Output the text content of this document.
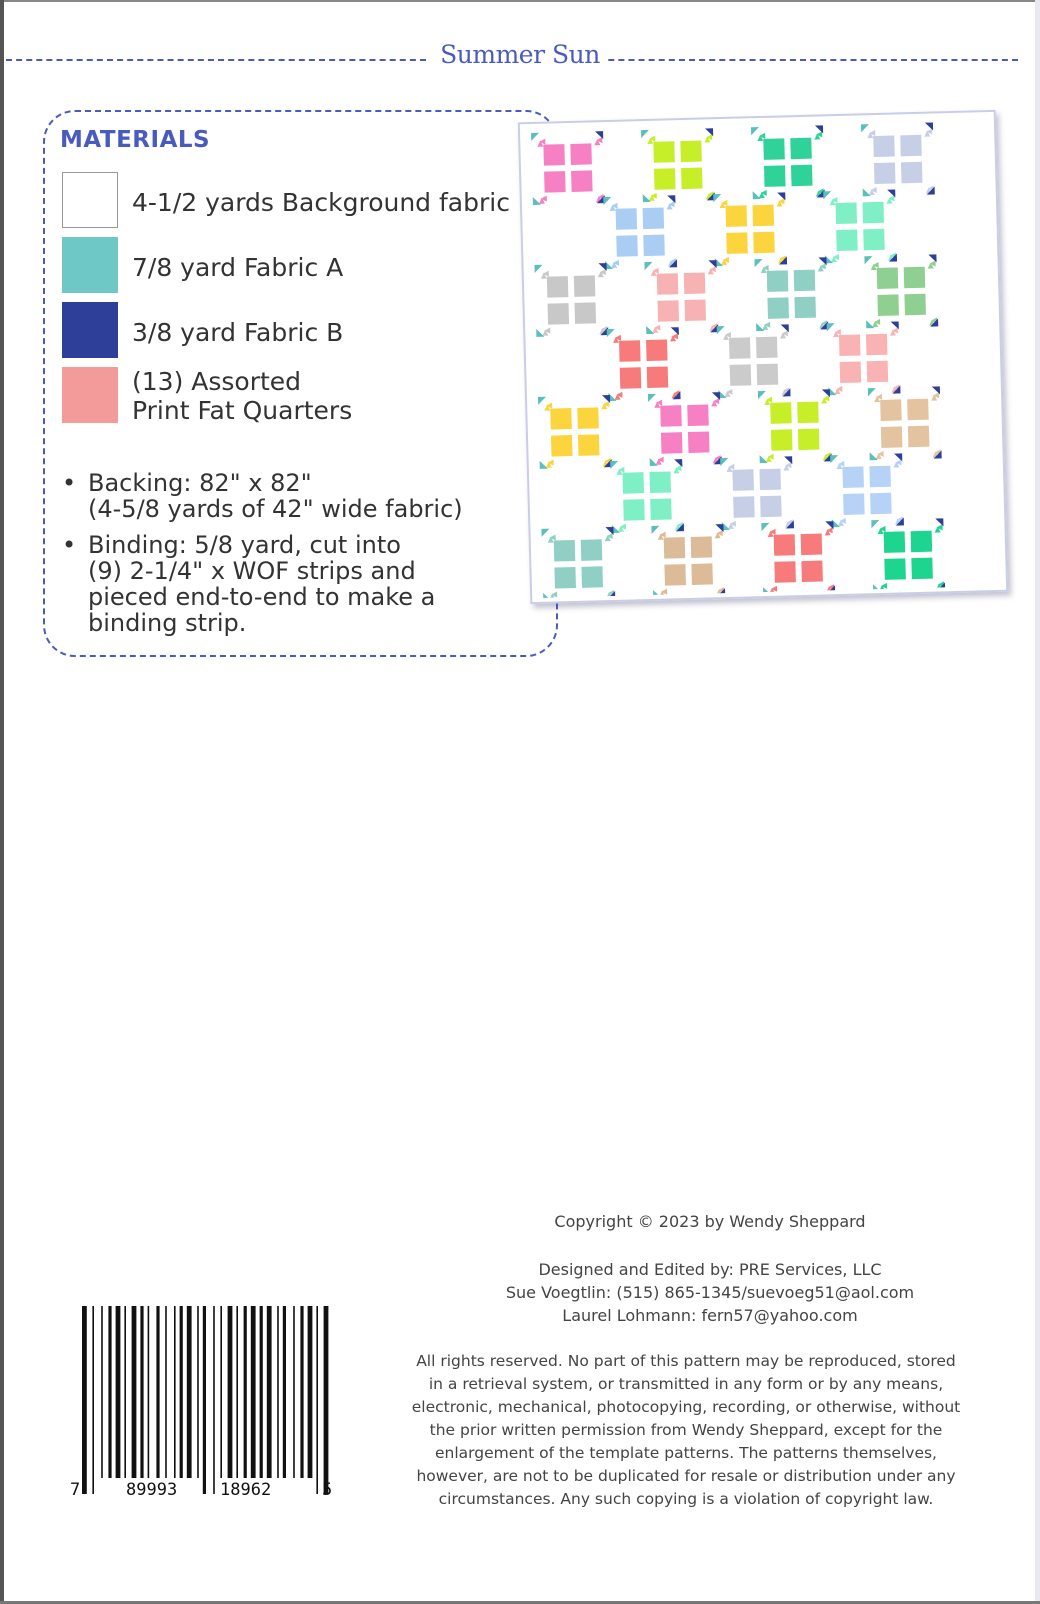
Summer Sun
MATERIALS
4-1/2 yards Background fabric
7/8 yard Fabric A
3/8 yard Fabric B
(13) Assorted
Print Fat Quarters
• Backing: 82" x 82"
(4-5/8 yards of 42" wide fabric)
• Binding: 5/8 yard, cut into
(9) 2-1/4" x WOF strips and
pieced end-to-end to make a
binding strip.
Copyright © 2023 by Wendy Sheppard
Designed and Edited by: PRE Services, LLC
Sue Voegtlin: (515) 865-1345/suevoeg51@aol.com
Laurel Lohmann: fern57@yahoo.com
All rights reserved. No part of this pattern may be reproduced, stored
in a retrieval system, or transmitted in any form or by any means,
electronic, mechanical, photocopying, recording, or otherwise, without
the prior written permission from Wendy Sheppard, except for the
enlargement of the template patterns. The patterns themselves,
however, are not to be duplicated for resale or distribution under any
circumstances. Any such copying is a violation of copyright law.
7	89993	18962	5
